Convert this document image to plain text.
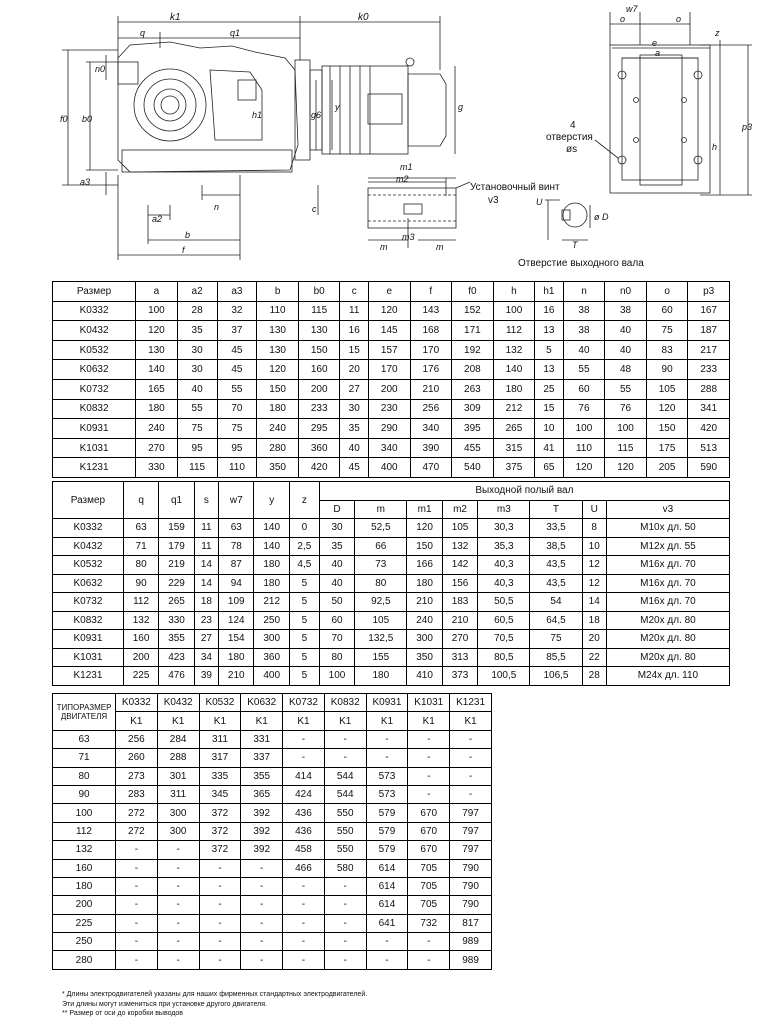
k1	k0
q	q1
n0
f0 b0
a3
a2
b
f
n
h1	g6
y	g
c
w7
o	o
z
e
a
h
p3
4
отверстия
øs
m1
m2
m	m
m3
Установочный винт
v3	U
T
ø D
Отверстие выходного вала
Размер	a	a2	a3	b	b0	c	e	f	f0	h	h1	n	n0	o	p3
K0332	100	28	32	110	115	11	120	143	152	100	16	38	38	60	167
K0432	120	35	37	130	130	16	145	168	171	112	13	38	40	75	187
K0532	130	30	45	130	150	15	157	170	192	132	5	40	40	83	217
K0632	140	30	45	120	160	20	170	176	208	140	13	55	48	90	233
K0732	165	40	55	150	200	27	200	210	263	180	25	60	55	105	288
K0832	180	55	70	180	233	30	230	256	309	212	15	76	76	120	341
K0931	240	75	75	240	295	35	290	340	395	265	10	100	100	150	420
K1031	270	95	95	280	360	40	340	390	455	315	41	110	115	175	513
K1231	330	115	110	350	420	45	400	470	540	375	65	120	120	205	590
Размер	q	q1	s	w7	y	z	Выходной полый вал							
							D	m	m1	m2	m3	T	U	v3
K0332	63	159	11	63	140	0	30	52,5	120	105	30,3	33,5	8	M10x дл. 50
K0432	71	179	11	78	140	2,5	35	66	150	132	35,3	38,5	10	M12x дл. 55
K0532	80	219	14	87	180	4,5	40	73	166	142	40,3	43,5	12	M16x дл. 70
K0632	90	229	14	94	180	5	40	80	180	156	40,3	43,5	12	M16x дл. 70
K0732	112	265	18	109	212	5	50	92,5	210	183	50,5	54	14	M16x дл. 70
K0832	132	330	23	124	250	5	60	105	240	210	60,5	64,5	18	M20x дл. 80
K0931	160	355	27	154	300	5	70	132,5	300	270	70,5	75	20	M20x дл. 80
K1031	200	423	34	180	360	5	80	155	350	313	80,5	85,5	22	M20x дл. 80
K1231	225	476	39	210	400	5	100	180	410	373	100,5	106,5	28	M24x дл. 110
ТИПОРАЗМЕР
ДВИГАТЕЛЯ	K0332	K0432	K0532	K0632	K0732	K0832	K0931	K1031	K1231
	K1	K1	K1	K1	K1	K1	K1	K1	K1
63	256	284	311	331	-	-	-	-	-
71	260	288	317	337	-	-	-	-	-
80	273	301	335	355	414	544	573	-	-
90	283	311	345	365	424	544	573	-	-
100	272	300	372	392	436	550	579	670	797
112	272	300	372	392	436	550	579	670	797
132	-	-	372	392	458	550	579	670	797
160	-	-	-	-	466	580	614	705	790
180	-	-	-	-	-	-	614	705	790
200	-	-	-	-	-	-	614	705	790
225	-	-	-	-	-	-	641	732	817
250	-	-	-	-	-	-	-	-	989
280	-	-	-	-	-	-	-	-	989
* Длины электродвигателей указаны для наших фирменных стандартных электродвигателей.
Эти длины могут измениться при установке другого двигателя.
** Размер от оси до коробки выводов
